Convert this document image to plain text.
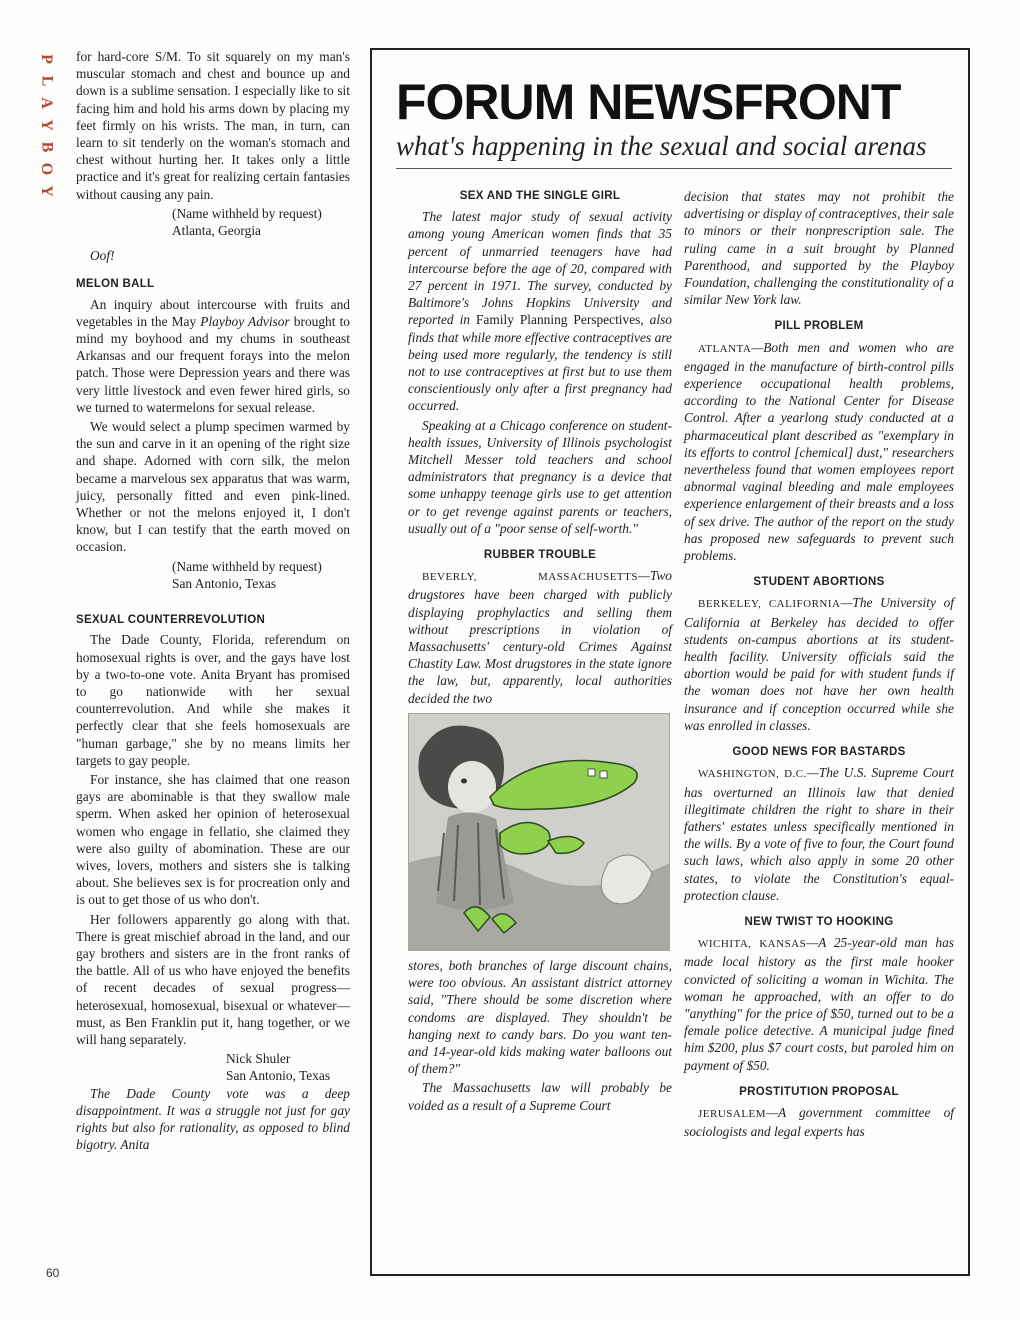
P
L
A
Y
B
O
Y
60

for hard-core S/M. To sit squarely on my man's muscular stomach and chest and bounce up and down is a sublime sensation. I especially like to sit facing him and hold his arms down by placing my feet firmly on his wrists. The man, in turn, can learn to sit tenderly on the woman's stomach and chest without hurting her. It takes only a little practice and it's great for realizing certain fantasies without causing any pain.

(Name withheld by request)
Atlanta, Georgia

Oof!

MELON BALL

An inquiry about intercourse with fruits and vegetables in the May Playboy Advisor brought to mind my boyhood and my chums in southeast Arkansas and our frequent forays into the melon patch. Those were Depression years and there was very little livestock and even fewer hired girls, so we turned to watermelons for sexual release.

We would select a plump specimen warmed by the sun and carve in it an opening of the right size and shape. Adorned with corn silk, the melon became a marvelous sex apparatus that was warm, juicy, personally fitted and even pink-lined. Whether or not the melons enjoyed it, I don't know, but I can testify that the earth moved on occasion.

(Name withheld by request)
San Antonio, Texas
SEXUAL COUNTERREVOLUTION

The Dade County, Florida, referendum on homosexual rights is over, and the gays have lost by a two-to-one vote. Anita Bryant has promised to go nationwide with her sexual counterrevolution. And while she makes it perfectly clear that she feels homosexuals are "human garbage," she by no means limits her targets to gay people.

For instance, she has claimed that one reason gays are abominable is that they swallow male sperm. When asked her opinion of heterosexual women who engage in fellatio, she claimed they were also guilty of abomination. These are our wives, lovers, mothers and sisters she is talking about. She believes sex is for procreation only and is out to get those of us who don't.

Her followers apparently go along with that. There is great mischief abroad in the land, and our gay brothers and sisters are in the front ranks of the battle. All of us who have enjoyed the benefits of recent decades of sexual progress—heterosexual, homosexual, bisexual or whatever—must, as Ben Franklin put it, hang together, or we will hang separately.

Nick Shuler
San Antonio, Texas

The Dade County vote was a deep disappointment. It was a struggle not just for gay rights but also for rationality, as opposed to blind bigotry. Anita

FORUM NEWSFRONT
what's happening in the sexual and social arenas
SEX AND THE SINGLE GIRL

The latest major study of sexual activity among young American women finds that 35 percent of unmarried teenagers have had intercourse before the age of 20, compared with 27 percent in 1971. The survey, conducted by Baltimore's Johns Hopkins University and reported in Family Planning Perspectives, also finds that while more effective contraceptives are being used more regularly, the tendency is still not to use contraceptives at first but to use them conscientiously only after a first pregnancy had occurred.

Speaking at a Chicago conference on student-health issues, University of Illinois psychologist Mitchell Messer told teachers and school administrators that pregnancy is a device that some unhappy teenage girls use to get attention or to get revenge against parents or teachers, usually out of a "poor sense of self-worth."

RUBBER TROUBLE

BEVERLY, MASSACHUSETTS—Two drugstores have been charged with publicly displaying prophylactics and selling them without prescriptions in violation of Massachusetts' century-old Crimes Against Chastity Law. Most drugstores in the state ignore the law, but, apparently, local authorities decided the two

stores, both branches of large discount chains, were too obvious. An assistant district attorney said, "There should be some discretion where condoms are displayed. They shouldn't be hanging next to candy bars. Do you want ten- and 14-year-old kids making water balloons out of them?"

The Massachusetts law will probably be voided as a result of a Supreme Court

decision that states may not prohibit the advertising or display of contraceptives, their sale to minors or their nonprescription sale. The ruling came in a suit brought by Planned Parenthood, and supported by the Playboy Foundation, challenging the constitutionality of a similar New York law.

PILL PROBLEM

ATLANTA—Both men and women who are engaged in the manufacture of birth-control pills experience occupational health problems, according to the National Center for Disease Control. After a yearlong study conducted at a pharmaceutical plant described as "exemplary in its efforts to control [chemical] dust," researchers nevertheless found that women employees report abnormal vaginal bleeding and male employees experience enlargement of their breasts and a loss of sex drive. The author of the report on the study has proposed new safeguards to prevent such problems.

STUDENT ABORTIONS

BERKELEY, CALIFORNIA—The University of California at Berkeley has decided to offer students on-campus abortions at its student-health facility. University officials said the abortion would be paid for with student funds if the woman does not have her own health insurance and if conception occurred while she was enrolled in classes.

GOOD NEWS FOR BASTARDS

WASHINGTON, D.C.—The U.S. Supreme Court has overturned an Illinois law that denied illegitimate children the right to share in their fathers' estates unless specifically mentioned in the wills. By a vote of five to four, the Court found such laws, which also apply in some 20 other states, to violate the Constitution's equal-protection clause.

NEW TWIST TO HOOKING

WICHITA, KANSAS—A 25-year-old man has made local history as the first male hooker convicted of soliciting a woman in Wichita. The woman he approached, with an offer to do "anything" for the price of $50, turned out to be a female police detective. A municipal judge fined him $200, plus $7 court costs, but paroled him on payment of $50.

PROSTITUTION PROPOSAL

JERUSALEM—A government committee of sociologists and legal experts has
